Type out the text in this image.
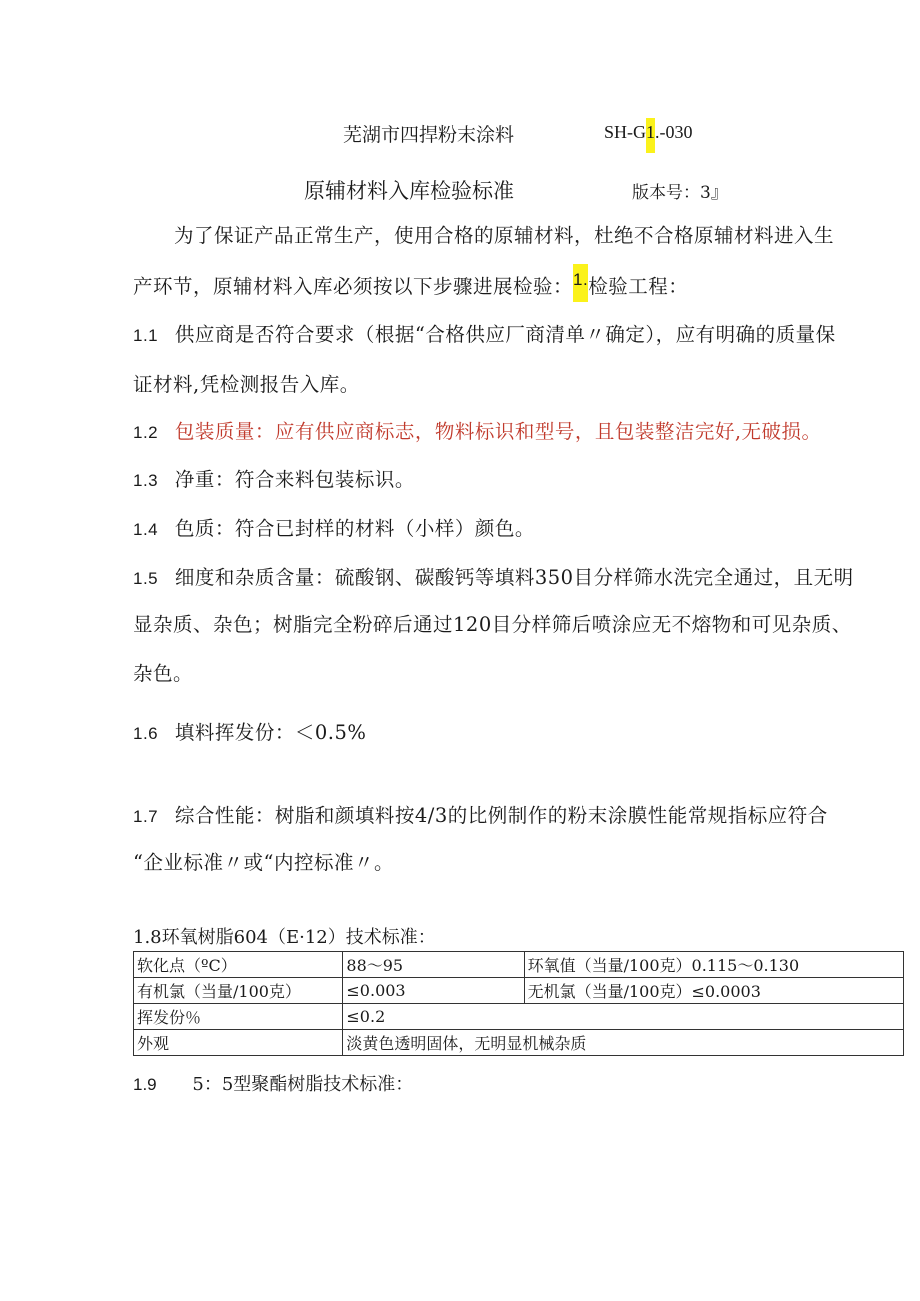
芜湖市四捍粉末涂料	SH-G1.-030
原辅材料入库检验标准	版本号：3』
为了保证产品正常生产，使用合格的原辅材料，杜绝不合格原辅材料进入生
产环节，原辅材料入库必须按以下步骤进展检验：1.检验工程：
1.1 供应商是否符合要求（根据“合格供应厂商清单〃确定），应有明确的质量保
证材料,凭检测报告入库。
1.2 包装质量：应有供应商标志，物料标识和型号，且包装整洁完好,无破损。
1.3 净重：符合来料包装标识。
1.4 色质：符合已封样的材料（小样）颜色。
1.5 细度和杂质含量：硫酸钢、碳酸钙等填料350目分样筛水洗完全通过，且无明
显杂质、杂色；树脂完全粉碎后通过120目分样筛后喷涂应无不熔物和可见杂质、
杂色。
1.6 填料挥发份：＜0.5%
1.7 综合性能：树脂和颜填料按4/3的比例制作的粉末涂膜性能常规指标应符合
“企业标准〃或“内控标准〃。
1.8环氧树脂604（E·12）技术标准：
软化点（ºC）	88～95	环氧值（当量/100克）0.115～0.130
有机氯（当量/100克）	≤0.003	无机氯（当量/100克）≤0.0003
挥发份％	≤0.2	
外观	淡黄色透明固体，无明显机械杂质	
1.9 5：5型聚酯树脂技术标准：
